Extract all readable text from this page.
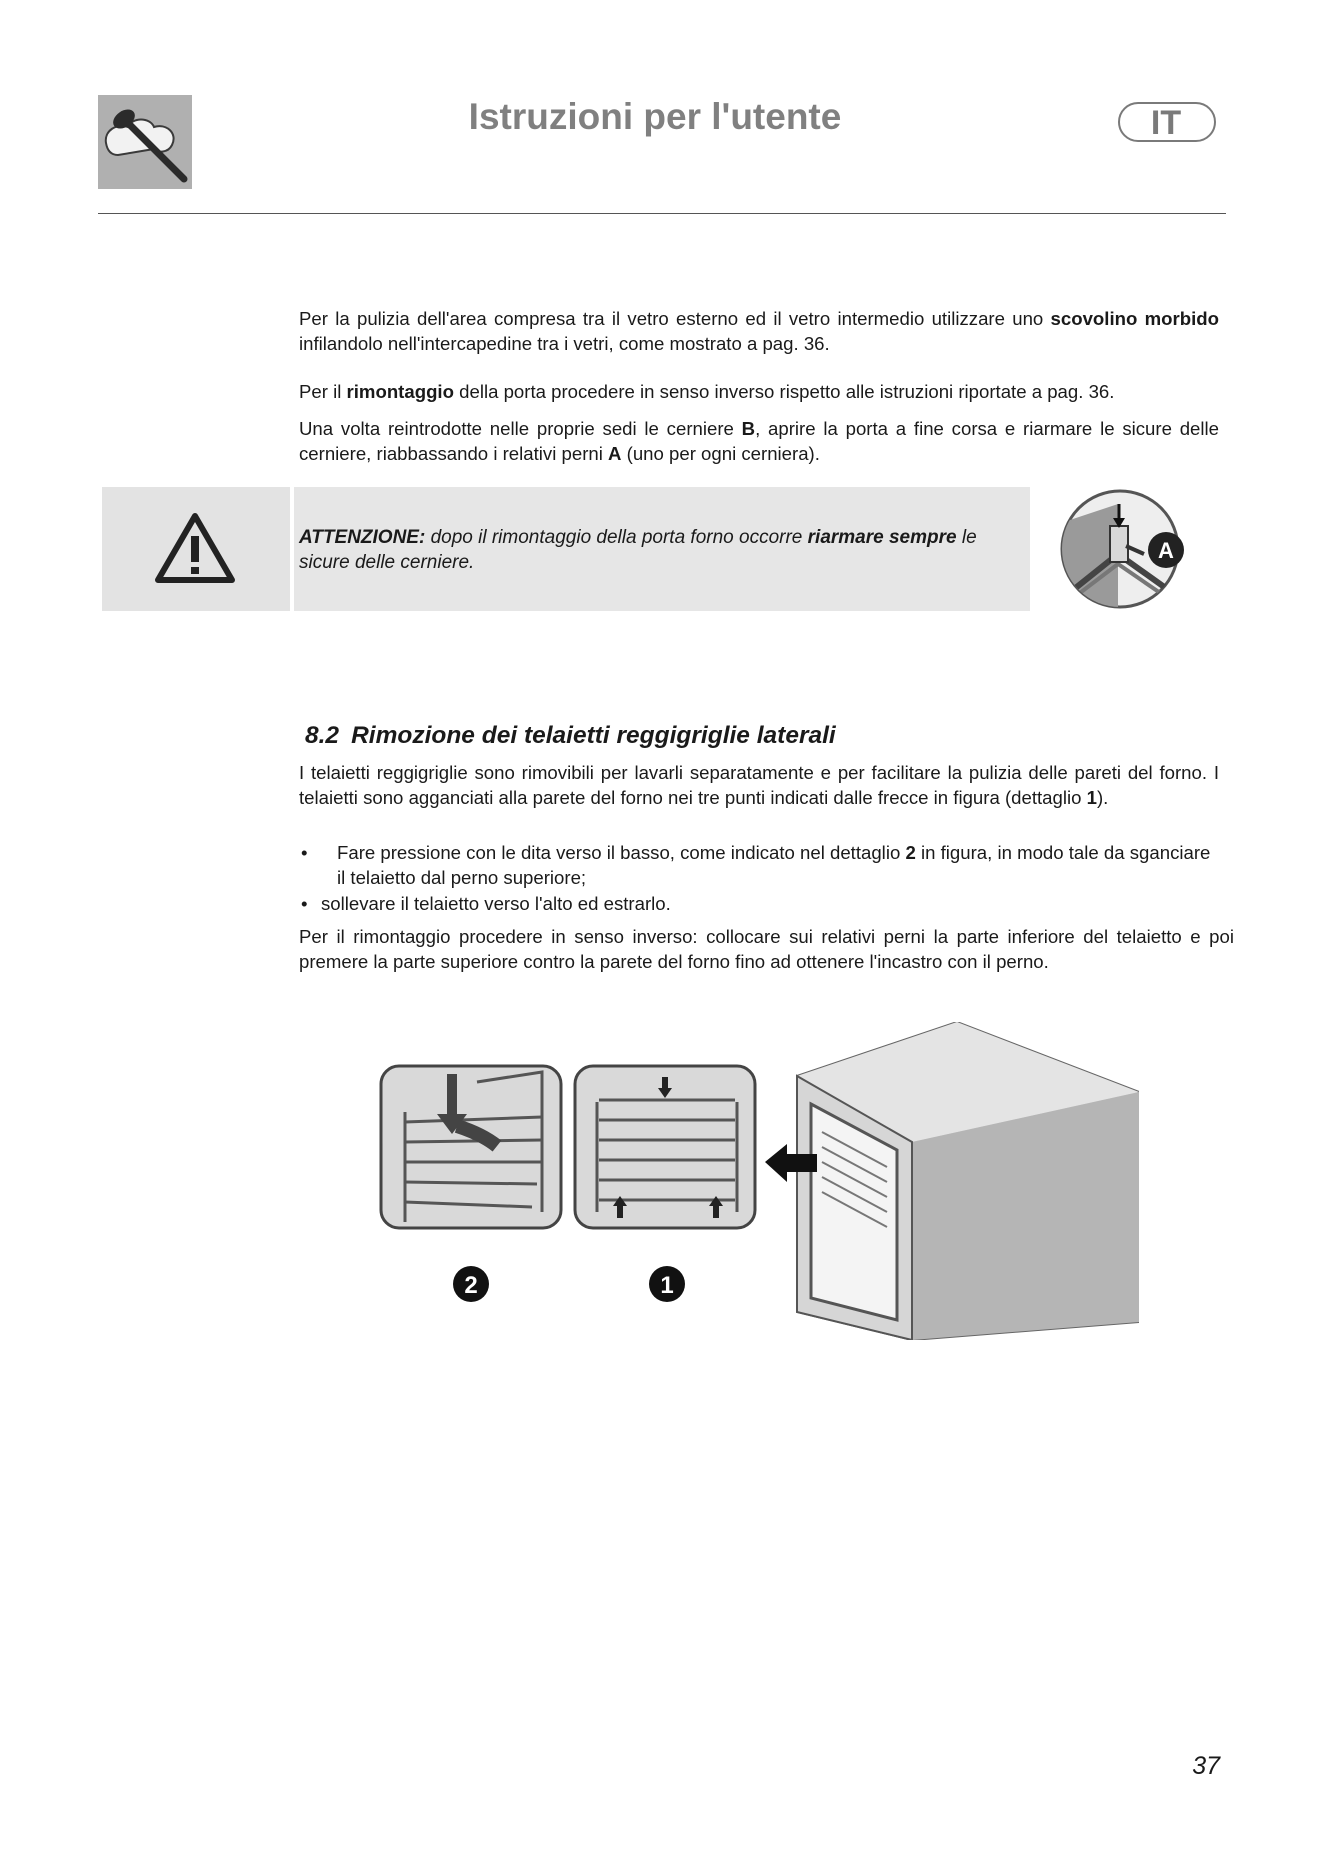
Istruzioni per l'utente	IT
Per la pulizia dell'area compresa tra il vetro esterno ed il vetro intermedio utilizzare uno scovolino morbido infilandolo nell'intercapedine tra i vetri, come mostrato a pag. 36.
Per il rimontaggio della porta procedere in senso inverso rispetto alle istruzioni riportate a pag. 36.
Una volta reintrodotte nelle proprie sedi le cerniere B, aprire la porta a fine corsa e riarmare le sicure delle cerniere, riabbassando i relativi perni A (uno per ogni cerniera).
ATTENZIONE: dopo il rimontaggio della porta forno occorre riarmare sempre le sicure delle cerniere.	A
8.2 Rimozione dei telaietti reggigriglie laterali
I telaietti reggigriglie sono rimovibili per lavarli separatamente e per facilitare la pulizia delle pareti del forno. I telaietti sono agganciati alla parete del forno nei tre punti indicati dalle frecce in figura (dettaglio 1).
• Fare pressione con le dita verso il basso, come indicato nel dettaglio 2 in figura, in modo tale da sganciare il telaietto dal perno superiore;
• sollevare il telaietto verso l'alto ed estrarlo.
Per il rimontaggio procedere in senso inverso: collocare sui relativi perni la parte inferiore del telaietto e poi premere la parte superiore contro la parete del forno fino ad ottenere l'incastro con il perno.
2	1
37
